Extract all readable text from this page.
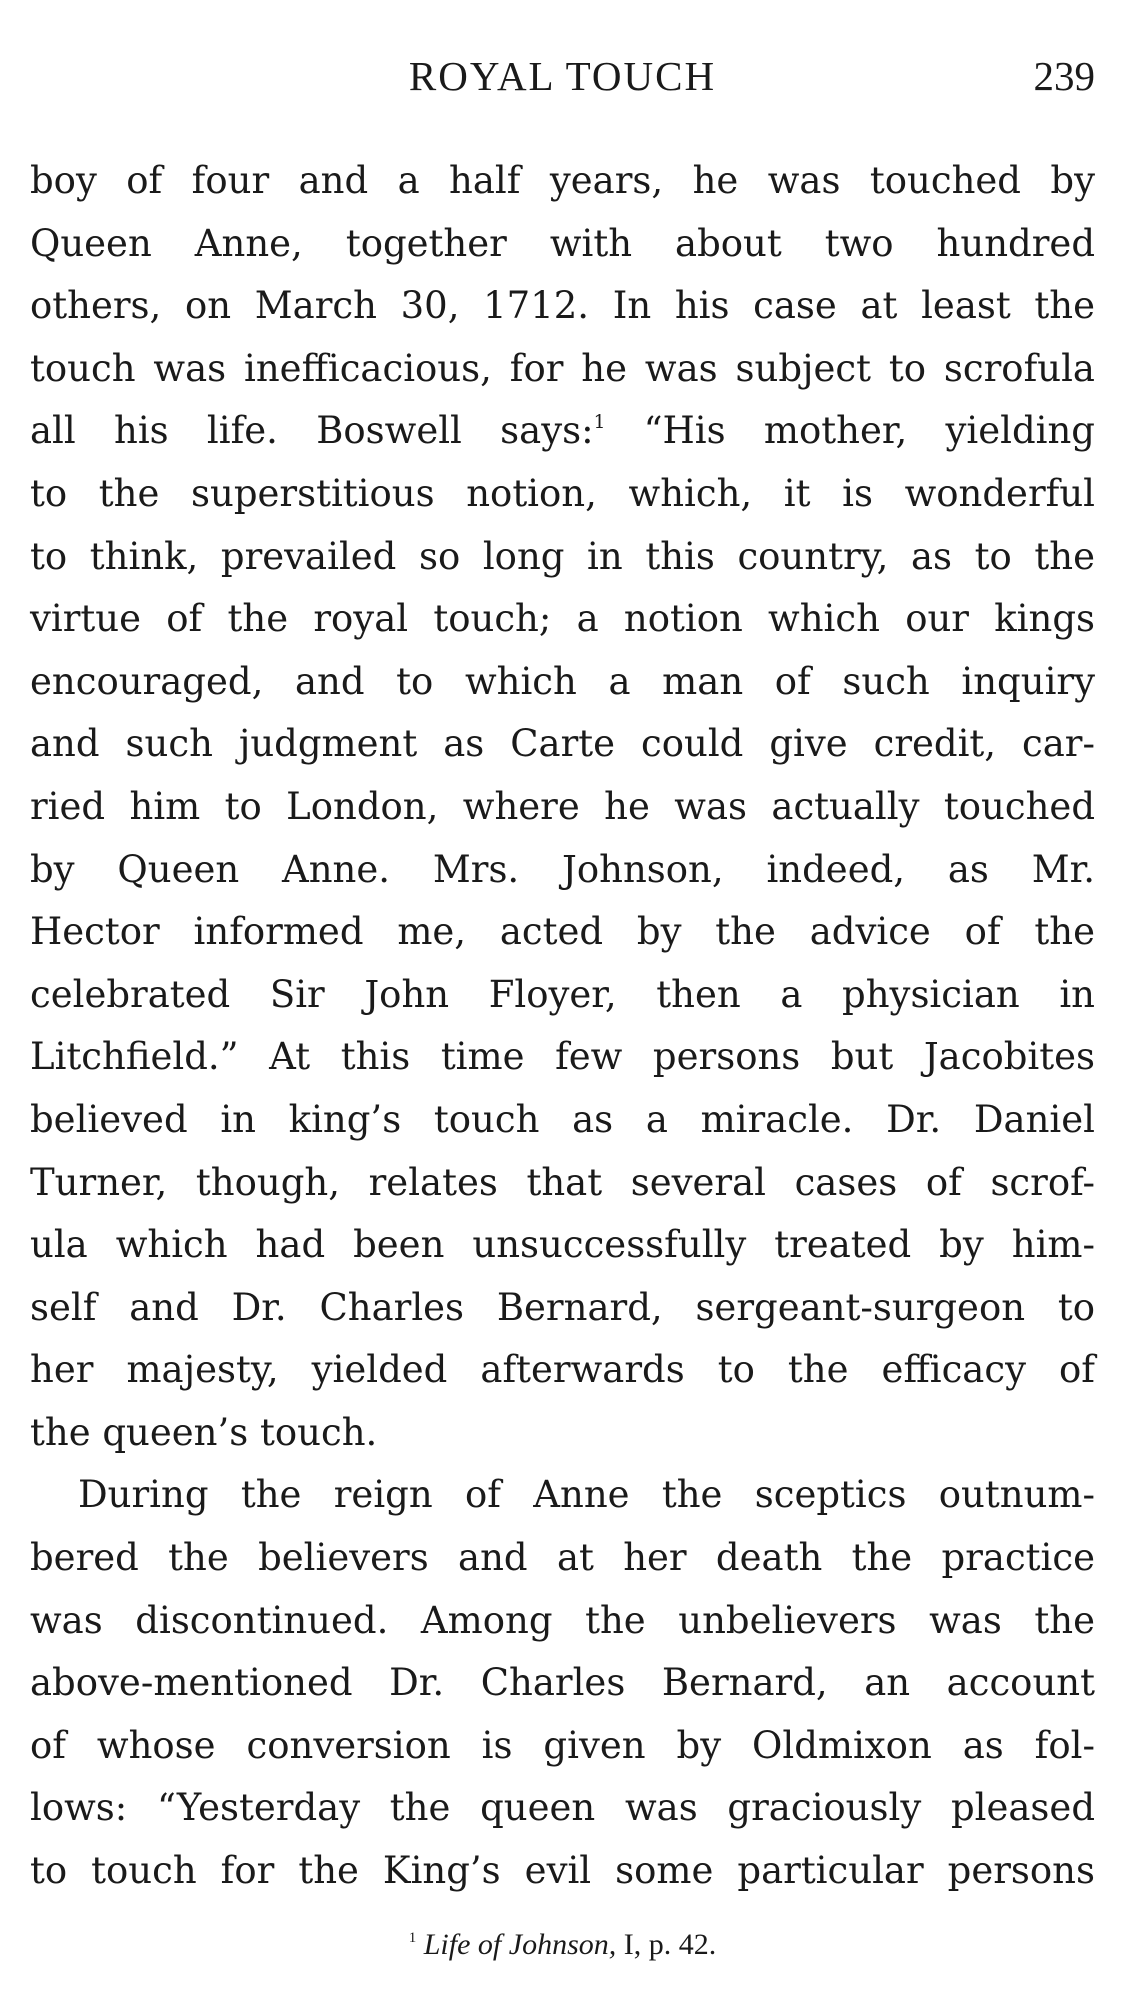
ROYAL TOUCH	239
boy of four and a half years, he was touched by
Queen Anne, together with about two hundred
others, on March 30, 1712. In his case at least the
touch was inefficacious, for he was subject to scrofula
all his life. Boswell says:$^1$ “His mother, yielding
to the superstitious notion, which, it is wonderful
to think, prevailed so long in this country, as to the
virtue of the royal touch; a notion which our kings
encouraged, and to which a man of such inquiry
and such judgment as Carte could give credit, car-
ried him to London, where he was actually touched
by Queen Anne. Mrs. Johnson, indeed, as Mr.
Hector informed me, acted by the advice of the
celebrated Sir John Floyer, then a physician in
Litchfield.” At this time few persons but Jacobites
believed in king’s touch as a miracle. Dr. Daniel
Turner, though, relates that several cases of scrof-
ula which had been unsuccessfully treated by him-
self and Dr. Charles Bernard, sergeant-surgeon to
her majesty, yielded afterwards to the efficacy of
the queen’s touch.
During the reign of Anne the sceptics outnum-
bered the believers and at her death the practice
was discontinued. Among the unbelievers was the
above-mentioned Dr. Charles Bernard, an account
of whose conversion is given by Oldmixon as fol-
lows: “Yesterday the queen was graciously pleased
to touch for the King’s evil some particular persons
$^1$ Life of Johnson, I, p. 42.
